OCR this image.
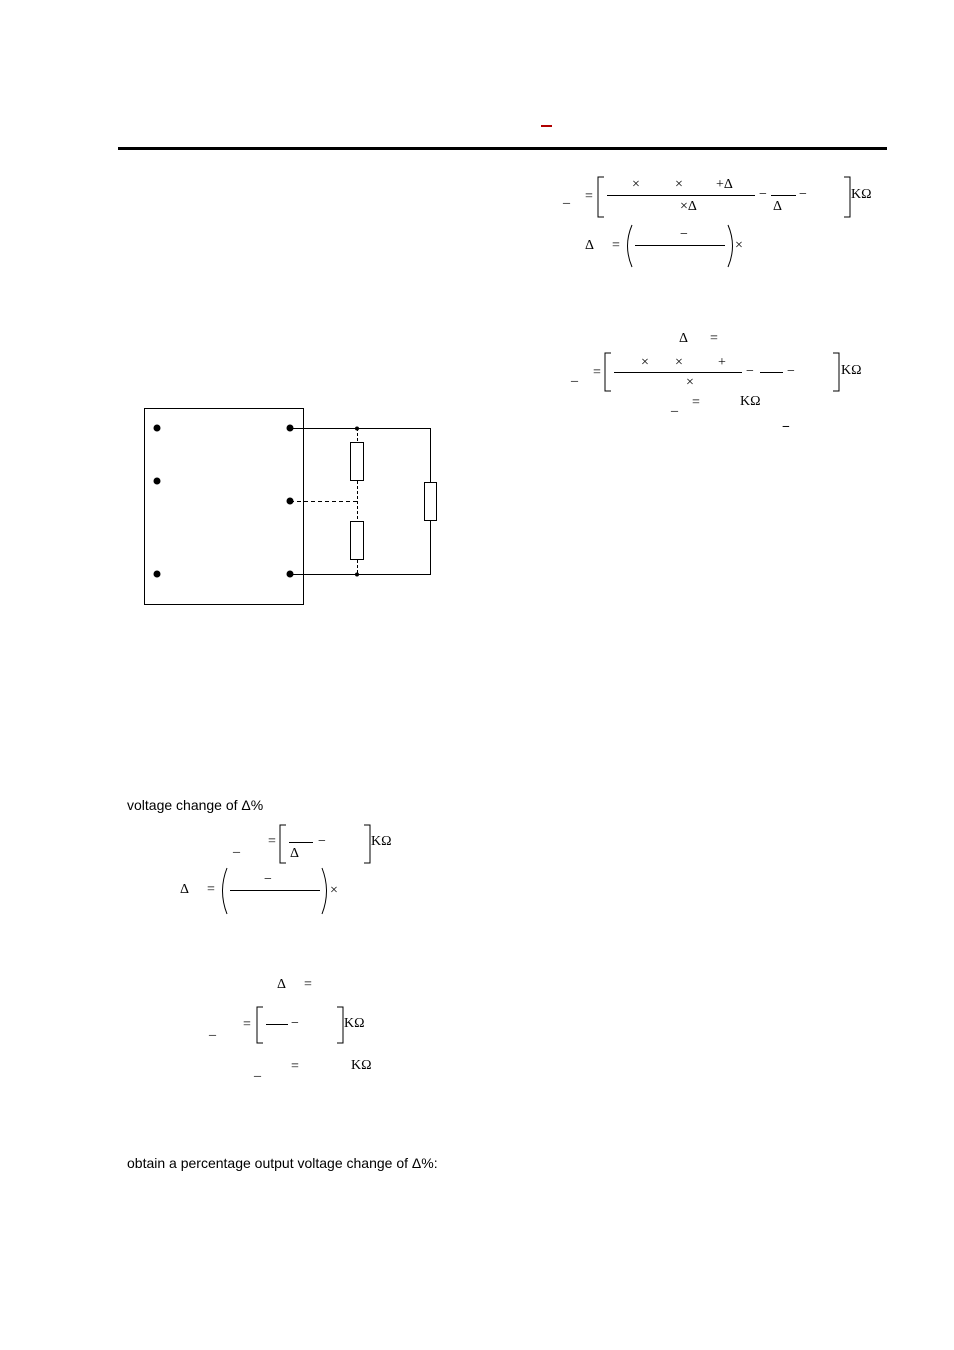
_ =
×	× +Δ
×Δ
−
Δ
−	KΩ
Δ =
−
×
Δ =
_ =
× ×	+
×
− −	KΩ
_ =	KΩ
−
voltage change of Δ%
_ =
Δ
−	KΩ
Δ =
−
×
Δ =
_ =	−	KΩ
_ =	KΩ
obtain a percentage output voltage change of Δ%:
